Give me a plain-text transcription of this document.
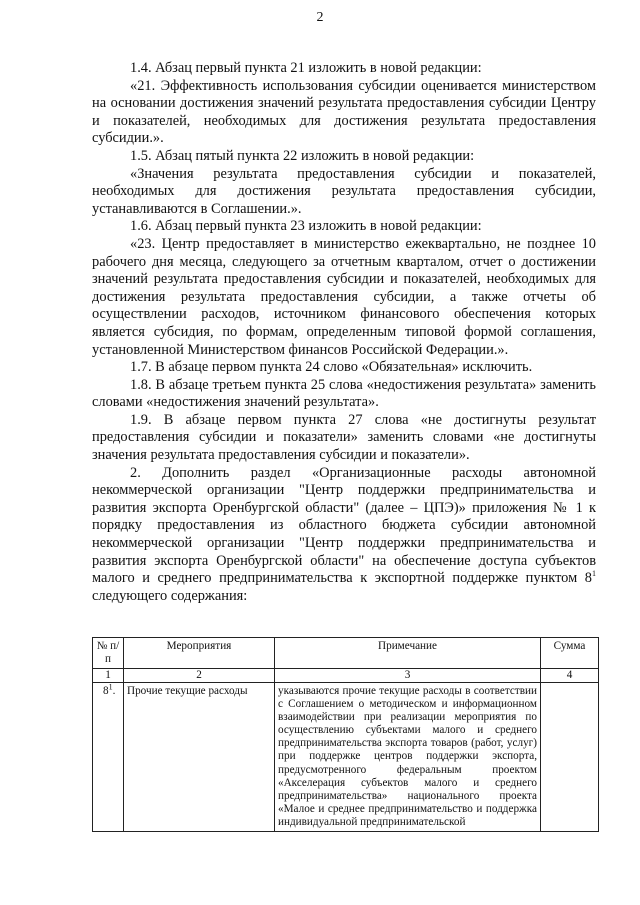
2

1.4. Абзац первый пункта 21 изложить в новой редакции:

«21. Эффективность использования субсидии оценивается министерством на основании достижения значений результата предоставления субсидии Центру и показателей, необходимых для достижения результата предоставления субсидии.».

1.5. Абзац пятый пункта 22 изложить в новой редакции:

«Значения результата предоставления субсидии и показателей, необходимых для достижения результата предоставления субсидии, устанавливаются в Соглашении.».

1.6. Абзац первый пункта 23 изложить в новой редакции:

«23. Центр предоставляет в министерство ежеквартально, не позднее 10 рабочего дня месяца, следующего за отчетным кварталом, отчет о достижении значений результата предоставления субсидии и показателей, необходимых для достижения результата предоставления субсидии, а также отчеты об осуществлении расходов, источником финансового обеспечения которых является субсидия, по формам, определенным типовой формой соглашения, установленной Министерством финансов Российской Федерации.».

1.7. В абзаце первом пункта 24 слово «Обязательная» исключить.

1.8. В абзаце третьем пункта 25 слова «недостижения результата» заменить словами «недостижения значений результата».

1.9. В абзаце первом пункта 27 слова «не достигнуты результат предоставления субсидии и показатели» заменить словами «не достигнуты значения результата предоставления субсидии и показатели».

2. Дополнить раздел «Организационные расходы автономной некоммерческой организации "Центр поддержки предпринимательства и развития экспорта Оренбургской области" (далее – ЦПЭ)» приложения № 1 к порядку предоставления из областного бюджета субсидии автономной некоммерческой организации "Центр поддержки предпринимательства и развития экспорта Оренбургской области" на обеспечение доступа субъектов малого и среднего предпринимательства к экспортной поддержке пунктом $8^1$ следующего содержания:

№ п/п	Мероприятия	Примечание	Сумма
1	2	3	4
$8^1$.	Прочие текущие расходы	указываются прочие текущие расходы в соответствии с Соглашением о методическом и информационном взаимодействии при реализации мероприятия по осуществлению субъектами малого и среднего предпринимательства экспорта товаров (работ, услуг) при поддержке центров поддержки экспорта, предусмотренного федеральным проектом «Акселерация субъектов малого и среднего предпринимательства» национального проекта «Малое и среднее предпринимательство и поддержка индивидуальной предпринимательской	
